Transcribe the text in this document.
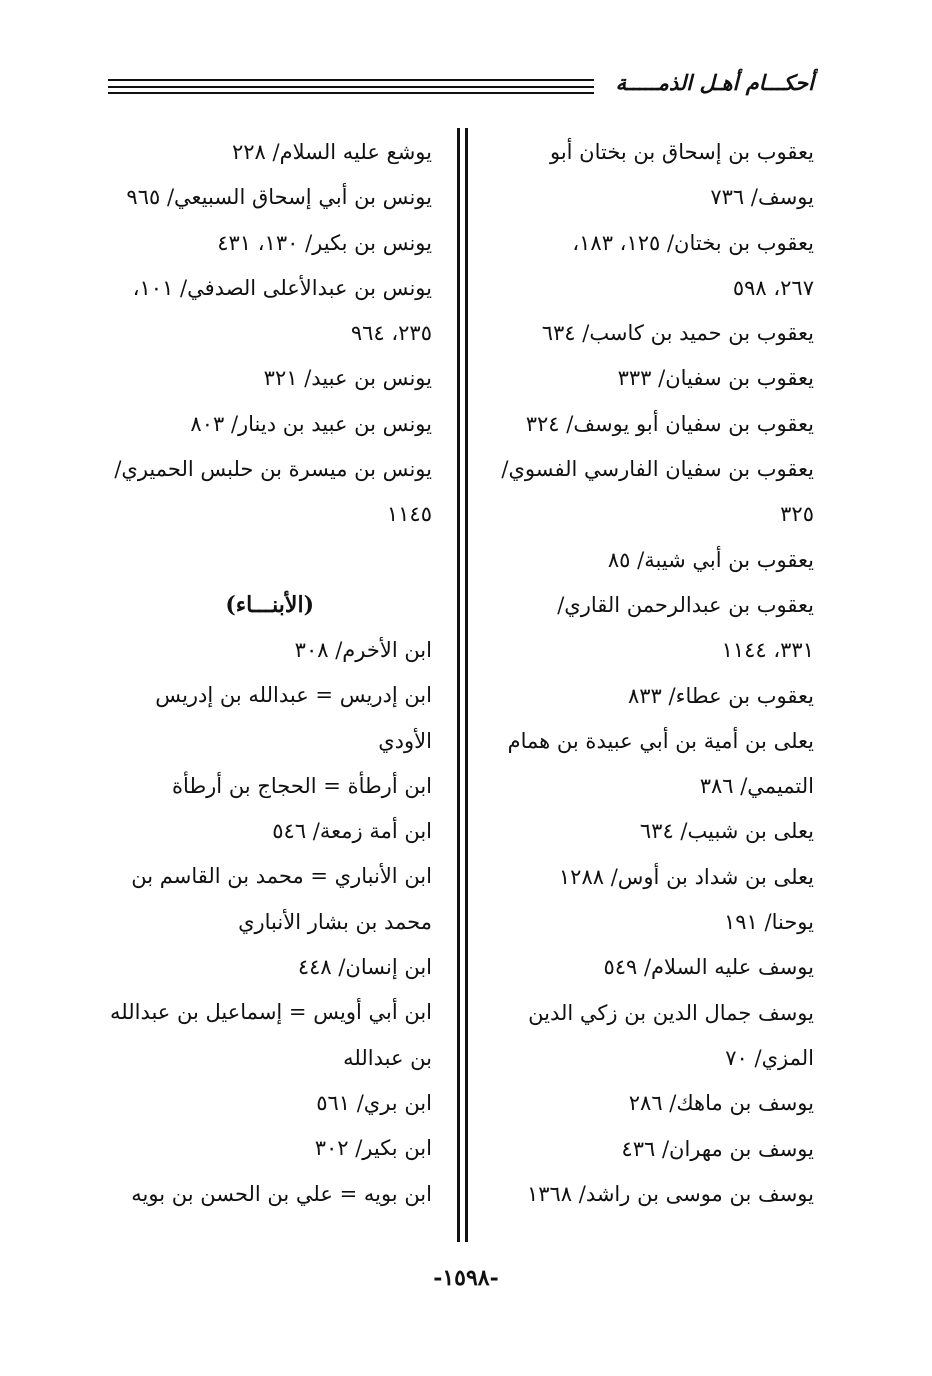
أحكـــام أهـل الذمـــــة

يعقوب بن إسحاق بن بختان أبو

يوسف/ ٧٣٦

يعقوب بن بختان/ ١٢٥، ١٨٣،

٢٦٧، ٥٩٨

يعقوب بن حميد بن كاسب/ ٦٣٤

يعقوب بن سفيان/ ٣٣٣

يعقوب بن سفيان أبو يوسف/ ٣٢٤

يعقوب بن سفيان الفارسي الفسوي/

٣٢٥

يعقوب بن أبي شيبة/ ٨٥

يعقوب بن عبدالرحمن القاري/

٣٣١، ١١٤٤

يعقوب بن عطاء/ ٨٣٣

يعلى بن أمية بن أبي عبيدة بن همام

التميمي/ ٣٨٦

يعلى بن شبيب/ ٦٣٤

يعلى بن شداد بن أوس/ ١٢٨٨

يوحنا/ ١٩١

يوسف عليه السلام/ ٥٤٩

يوسف جمال الدين بن زكي الدين

المزي/ ٧٠

يوسف بن ماهك/ ٢٨٦

يوسف بن مهران/ ٤٣٦

يوسف بن موسى بن راشد/ ١٣٦٨

يوشع عليه السلام/ ٢٢٨

يونس بن أبي إسحاق السبيعي/ ٩٦٥

يونس بن بكير/ ١٣٠، ٤٣١

يونس بن عبدالأعلى الصدفي/ ١٠١،

٢٣٥، ٩٦٤

يونس بن عبيد/ ٣٢١

يونس بن عبيد بن دينار/ ٨٠٣

يونس بن ميسرة بن حلبس الحميري/

١١٤٥

(الأبنـــاء)

ابن الأخرم/ ٣٠٨

ابن إدريس = عبدالله بن إدريس

الأودي

ابن أرطأة = الحجاج بن أرطأة

ابن أمة زمعة/ ٥٤٦

ابن الأنباري = محمد بن القاسم بن

محمد بن بشار الأنباري

ابن إنسان/ ٤٤٨

ابن أبي أويس = إسماعيل بن عبدالله

بن عبدالله

ابن بري/ ٥٦١

ابن بكير/ ٣٠٢

ابن بويه = علي بن الحسن بن بويه

-١٥٩٨-
